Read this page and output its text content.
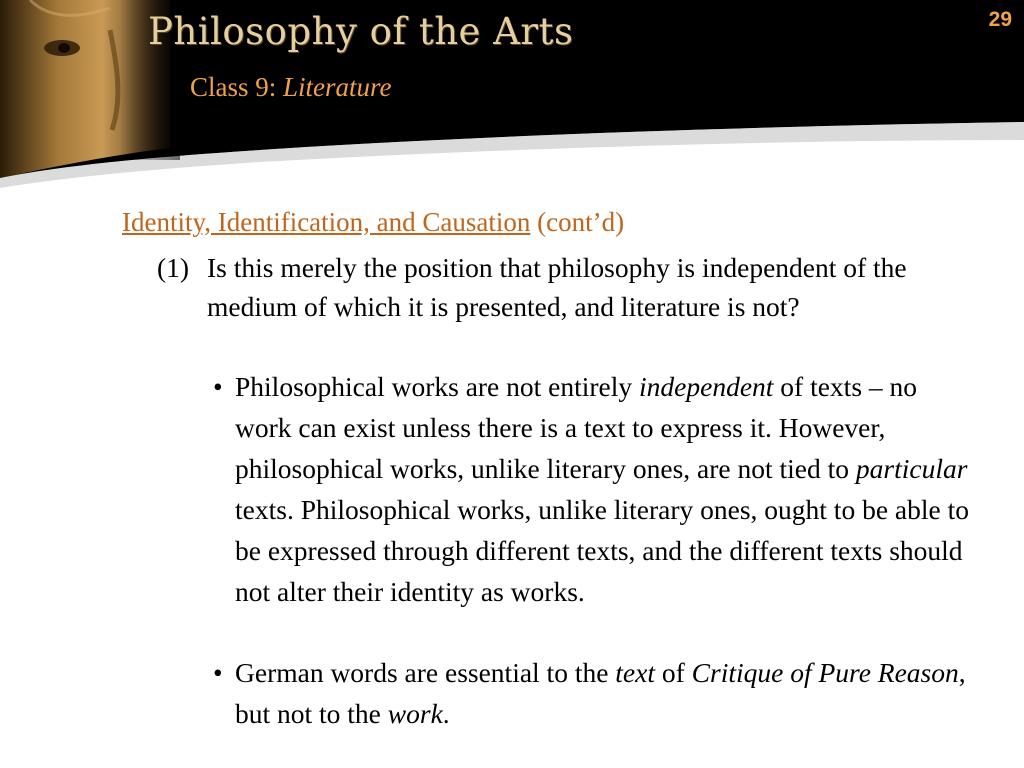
Philosophy of the Arts
Class 9: Literature
29
Identity, Identification, and Causation (cont’d)
(1) Is this merely the position that philosophy is independent of the medium of which it is presented, and literature is not?
• Philosophical works are not entirely independent of texts – no work can exist unless there is a text to express it. However, philosophical works, unlike literary ones, are not tied to particular texts. Philosophical works, unlike literary ones, ought to be able to be expressed through different texts, and the different texts should not alter their identity as works.
• German words are essential to the text of Critique of Pure Reason, but not to the work.
